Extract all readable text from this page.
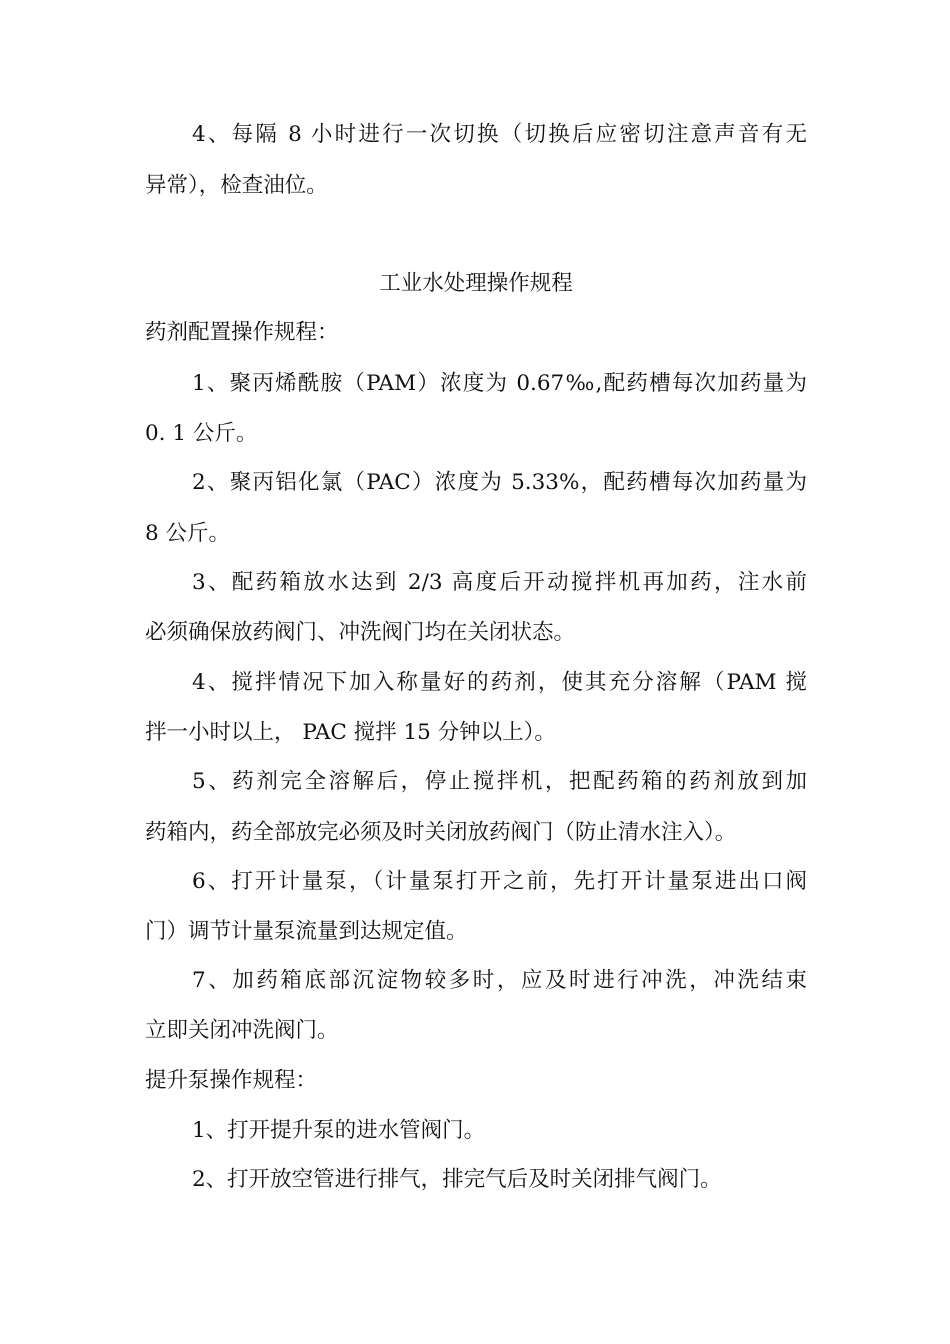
4、每隔 8 小时进行一次切换（切换后应密切注意声音有无
异常），检查油位。
工业水处理操作规程
药剂配置操作规程：
1、聚丙烯酰胺（PAM）浓度为 0.67‰,配药槽每次加药量为
0. 1 公斤。
2、聚丙铝化氯（PAC）浓度为 5.33%，配药槽每次加药量为
8 公斤。
3、配药箱放水达到 2/3 高度后开动搅拌机再加药，注水前
必须确保放药阀门、冲洗阀门均在关闭状态。
4、搅拌情况下加入称量好的药剂，使其充分溶解（PAM 搅
拌一小时以上， PAC 搅拌 15 分钟以上）。
5、药剂完全溶解后，停止搅拌机，把配药箱的药剂放到加
药箱内，药全部放完必须及时关闭放药阀门（防止清水注入）。
6、打开计量泵，（计量泵打开之前，先打开计量泵进出口阀
门）调节计量泵流量到达规定值。
7、加药箱底部沉淀物较多时，应及时进行冲洗，冲洗结束
立即关闭冲洗阀门。
提升泵操作规程：
1、打开提升泵的进水管阀门。
2、打开放空管进行排气，排完气后及时关闭排气阀门。
